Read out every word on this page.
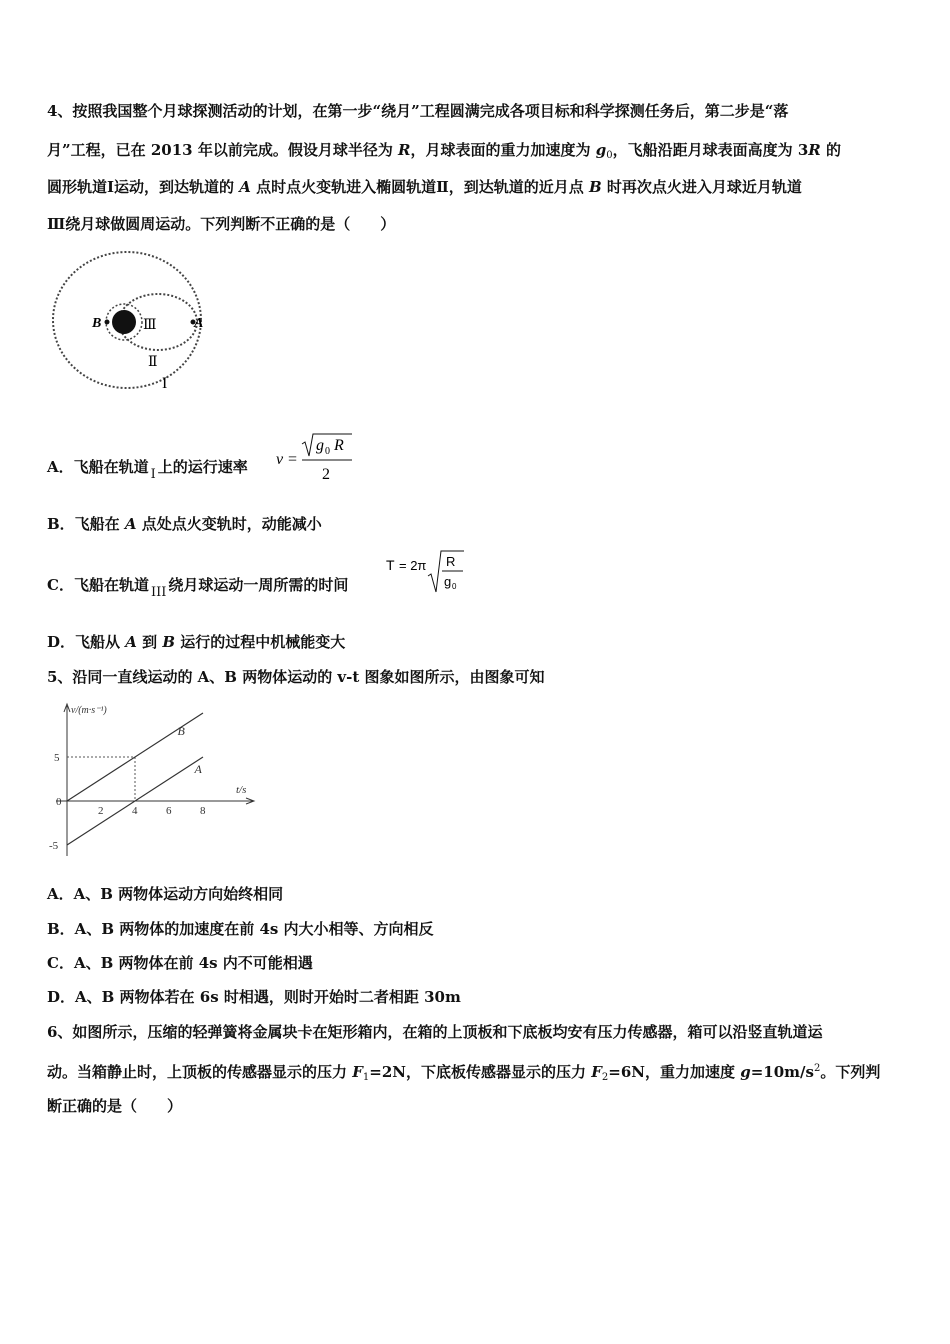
4、按照我国整个月球探测活动的计划，在第一步“绕月”工程圆满完成各项目标和科学探测任务后，第二步是“落
月”工程，已在 2013 年以前完成。假设月球半径为 R，月球表面的重力加速度为 $g_0$，飞船沿距月球表面高度为 3R 的
圆形轨道Ⅰ运动，到达轨道的 A 点时点火变轨进入椭圆轨道Ⅱ，到达轨道的近月点 B 时再次点火进入月球近月轨道
Ⅲ绕月球做圆周运动。下列判断不正确的是（　　）
B	A
Ⅲ
Ⅱ
I
A．飞船在轨道 I 上的运行速率 v =
g 0 R
2
B．飞船在 A 点处点火变轨时，动能减小
C．飞船在轨道 III 绕月球运动一周所需的时间
T = 2π R
g 0
D．飞船从 A 到 B 运行的过程中机械能变大
5、沿同一直线运动的 A、B 两物体运动的 v-t 图象如图所示，由图象可知
v/(m·s⁻¹)
t/s
2	4	6	8
5
0
-5
B
A
A．A、B 两物体运动方向始终相同
B．A、B 两物体的加速度在前 4s 内大小相等、方向相反
C．A、B 两物体在前 4s 内不可能相遇
D．A、B 两物体若在 6s 时相遇，则时开始时二者相距 30m
6、如图所示，压缩的轻弹簧将金属块卡在矩形箱内，在箱的上顶板和下底板均安有压力传感器，箱可以沿竖直轨道运
动。当箱静止时，上顶板的传感器显示的压力 $F_1=2N$，下底板传感器显示的压力 $F_2=6N$，重力加速度 $g=10m/s^2$。下列判
断正确的是（　　）
